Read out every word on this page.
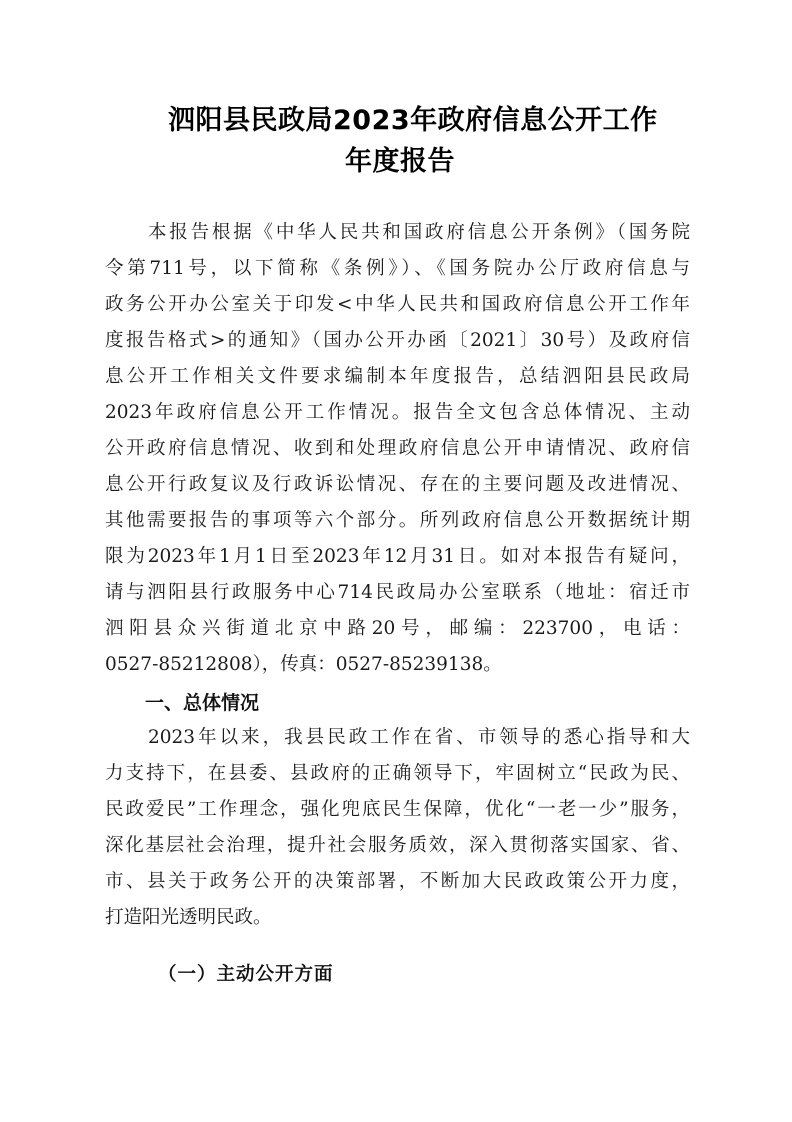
泗阳县民政局2023年政府信息公开工作
年度报告

本报告根据《中华人民共和国政府信息公开条例》（国务院

令第711号，以下简称《条例》）、《国务院办公厅政府信息与

政务公开办公室关于印发<中华人民共和国政府信息公开工作年

度报告格式>的通知》（国办公开办函〔2021〕30号）及政府信

息公开工作相关文件要求编制本年度报告，总结泗阳县民政局

2023年政府信息公开工作情况。报告全文包含总体情况、主动

公开政府信息情况、收到和处理政府信息公开申请情况、政府信

息公开行政复议及行政诉讼情况、存在的主要问题及改进情况、

其他需要报告的事项等六个部分。所列政府信息公开数据统计期

限为2023年1月1日至2023年12月31日。如对本报告有疑问，

请与泗阳县行政服务中心714民政局办公室联系（地址：宿迁市

泗阳县众兴街道北京中路20号，邮编：223700，电话：

0527-85212808），传真：0527-85239138。

一、总体情况

2023年以来，我县民政工作在省、市领导的悉心指导和大

力支持下，在县委、县政府的正确领导下，牢固树立“民政为民、

民政爱民”工作理念，强化兜底民生保障，优化“一老一少”服务，

深化基层社会治理，提升社会服务质效，深入贯彻落实国家、省、

市、县关于政务公开的决策部署，不断加大民政政策公开力度，

打造阳光透明民政。

（一）主动公开方面
